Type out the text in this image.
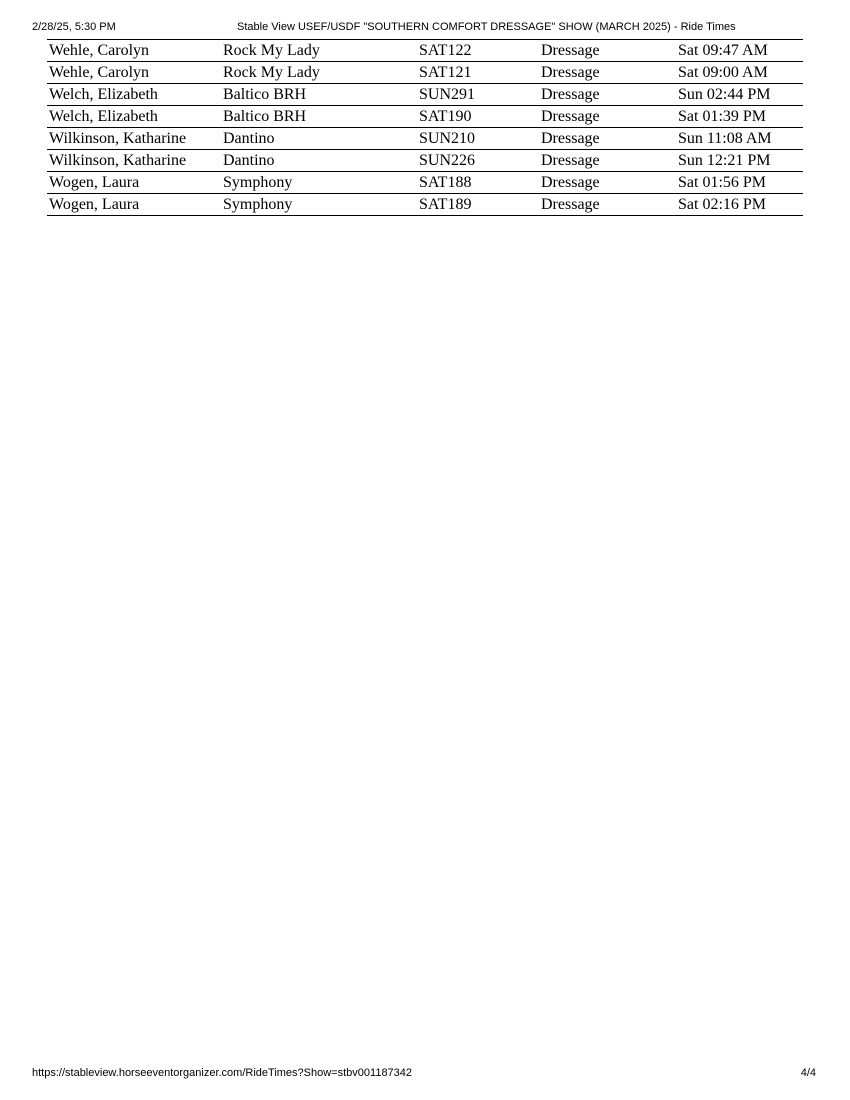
2/28/25, 5:30 PM	Stable View USEF/USDF "SOUTHERN COMFORT DRESSAGE" SHOW (MARCH 2025) - Ride Times
Wehle, Carolyn	Rock My Lady	SAT122	Dressage	Sat 09:47 AM
Wehle, Carolyn	Rock My Lady	SAT121	Dressage	Sat 09:00 AM
Welch, Elizabeth	Baltico BRH	SUN291	Dressage	Sun 02:44 PM
Welch, Elizabeth	Baltico BRH	SAT190	Dressage	Sat 01:39 PM
Wilkinson, Katharine	Dantino	SUN210	Dressage	Sun 11:08 AM
Wilkinson, Katharine	Dantino	SUN226	Dressage	Sun 12:21 PM
Wogen, Laura	Symphony	SAT188	Dressage	Sat 01:56 PM
Wogen, Laura	Symphony	SAT189	Dressage	Sat 02:16 PM
https://stableview.horseeventorganizer.com/RideTimes?Show=stbv001187342	4/4
